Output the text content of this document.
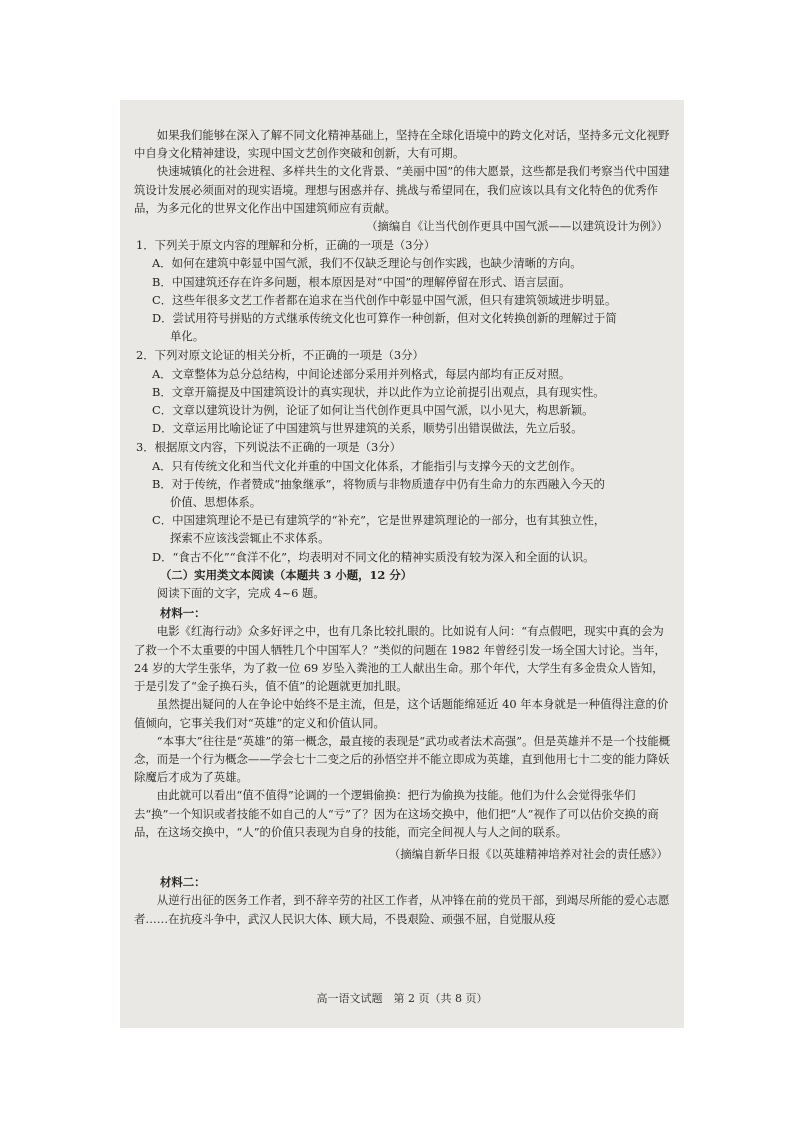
如果我们能够在深入了解不同文化精神基础上，坚持在全球化语境中的跨文化对话，坚持多元文化视野中自身文化精神建设，实现中国文艺创作突破和创新，大有可期。

快速城镇化的社会进程、多样共生的文化背景、“美丽中国”的伟大愿景，这些都是我们考察当代中国建筑设计发展必须面对的现实语境。理想与困惑并存、挑战与希望同在，我们应该以具有文化特色的优秀作品，为多元化的世界文化作出中国建筑师应有贡献。

（摘编自《让当代创作更具中国气派——以建筑设计为例》）

1．下列关于原文内容的理解和分析，正确的一项是（3分）

A．如何在建筑中彰显中国气派，我们不仅缺乏理论与创作实践，也缺少清晰的方向。

B．中国建筑还存在许多问题，根本原因是对“中国”的理解停留在形式、语言层面。

C．这些年很多文艺工作者都在追求在当代创作中彰显中国气派，但只有建筑领域进步明显。

D．尝试用符号拼贴的方式继承传统文化也可算作一种创新，但对文化转换创新的理解过于简

单化。

2．下列对原文论证的相关分析，不正确的一项是（3分）

A．文章整体为总分总结构，中间论述部分采用并列格式，每层内部均有正反对照。

B．文章开篇提及中国建筑设计的真实现状，并以此作为立论前提引出观点，具有现实性。

C．文章以建筑设计为例，论证了如何让当代创作更具中国气派，以小见大，构思新颖。

D．文章运用比喻论证了中国建筑与世界建筑的关系，顺势引出错误做法，先立后驳。

3．根据原文内容，下列说法不正确的一项是（3分）

A．只有传统文化和当代文化并重的中国文化体系，才能指引与支撑今天的文艺创作。

B．对于传统，作者赞成“抽象继承”，将物质与非物质遗存中仍有生命力的东西融入今天的

价值、思想体系。

C．中国建筑理论不是已有建筑学的“补充”，它是世界建筑理论的一部分，也有其独立性，

探索不应该浅尝辄止不求体系。

D．“食古不化”“食洋不化”，均表明对不同文化的精神实质没有较为深入和全面的认识。

（二）实用类文本阅读（本题共 3 小题，12 分）

阅读下面的文字，完成 4~6 题。

材料一：

电影《红海行动》众多好评之中，也有几条比较扎眼的。比如说有人问：“有点假吧，现实中真的会为了救一个不太重要的中国人牺牲几个中国军人？”类似的问题在 1982 年曾经引发一场全国大讨论。当年，24 岁的大学生张华，为了救一位 69 岁坠入粪池的工人献出生命。那个年代，大学生有多金贵众人皆知，于是引发了“金子换石头，值不值”的论题就更加扎眼。

虽然提出疑问的人在争论中始终不是主流，但是，这个话题能绵延近 40 年本身就是一种值得注意的价值倾向，它事关我们对“英雄”的定义和价值认同。

“本事大”往往是“英雄”的第一概念，最直接的表现是“武功或者法术高强”。但是英雄并不是一个技能概念，而是一个行为概念——学会七十二变之后的孙悟空并不能立即成为英雄，直到他用七十二变的能力降妖除魔后才成为了英雄。

由此就可以看出“值不值得”论调的一个逻辑偷换：把行为偷换为技能。他们为什么会觉得张华们去“换”一个知识或者技能不如自己的人“亏”了？因为在这场交换中，他们把“人”视作了可以估价交换的商品，在这场交换中，“人”的价值只表现为自身的技能，而完全间视人与人之间的联系。

（摘编自新华日报《以英雄精神培养对社会的责任感》）

材料二：

从逆行出征的医务工作者，到不辞辛劳的社区工作者，从冲锋在前的党员干部，到竭尽所能的爱心志愿者……在抗疫斗争中，武汉人民识大体、顾大局，不畏艰险、顽强不屈，自觉服从疫

高一语文试题　第 2 页（共 8 页）
